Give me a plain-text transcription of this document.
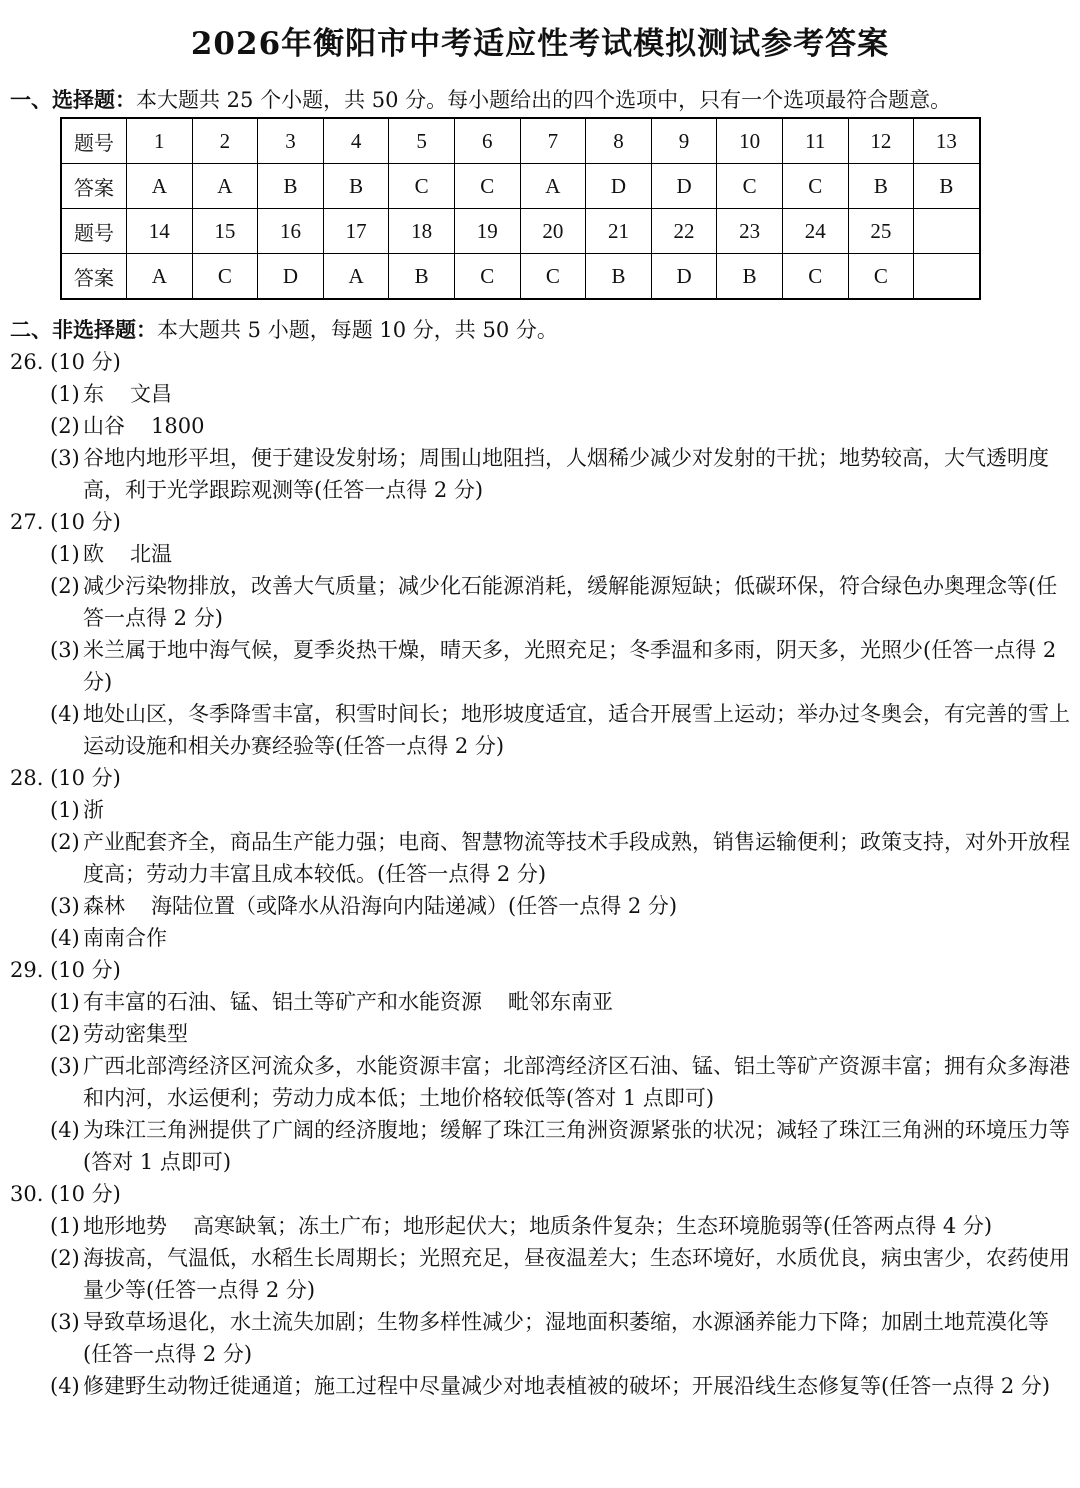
2026年衡阳市中考适应性考试模拟测试参考答案
一、选择题：本大题共 25 个小题，共 50 分。每小题给出的四个选项中，只有一个选项最符合题意。
题号	1	2	3	4	5	6	7	8	9	10	11	12	13
答案	A	A	B	B	C	C	A	D	D	C	C	B	B
题号	14	15	16	17	18	19	20	21	22	23	24	25	
答案	A	C	D	A	B	C	C	B	D	B	C	C	
二、非选择题：本大题共 5 小题，每题 10 分，共 50 分。
26. (10 分)
(1) 东 文昌
(2) 山谷 1800
(3) 谷地内地形平坦，便于建设发射场；周围山地阻挡，人烟稀少减少对发射的干扰；地势较高，大气透明度高，利于光学跟踪观测等(任答一点得 2 分)
27. (10 分)
(1) 欧 北温
(2) 减少污染物排放，改善大气质量；减少化石能源消耗，缓解能源短缺；低碳环保，符合绿色办奥理念等(任答一点得 2 分)
(3) 米兰属于地中海气候，夏季炎热干燥，晴天多，光照充足；冬季温和多雨，阴天多，光照少(任答一点得 2 分)
(4) 地处山区，冬季降雪丰富，积雪时间长；地形坡度适宜，适合开展雪上运动；举办过冬奥会，有完善的雪上运动设施和相关办赛经验等(任答一点得 2 分)
28. (10 分)
(1) 浙
(2) 产业配套齐全，商品生产能力强；电商、智慧物流等技术手段成熟，销售运输便利；政策支持，对外开放程度高；劳动力丰富且成本较低。(任答一点得 2 分)
(3) 森林 海陆位置（或降水从沿海向内陆递减）(任答一点得 2 分)
(4) 南南合作
29. (10 分)
(1) 有丰富的石油、锰、铝土等矿产和水能资源 毗邻东南亚
(2) 劳动密集型
(3) 广西北部湾经济区河流众多，水能资源丰富；北部湾经济区石油、锰、铝土等矿产资源丰富；拥有众多海港和内河，水运便利；劳动力成本低；土地价格较低等(答对 1 点即可)
(4) 为珠江三角洲提供了广阔的经济腹地；缓解了珠江三角洲资源紧张的状况；减轻了珠江三角洲的环境压力等(答对 1 点即可)
30. (10 分)
(1) 地形地势 高寒缺氧；冻土广布；地形起伏大；地质条件复杂；生态环境脆弱等(任答两点得 4 分)
(2) 海拔高，气温低，水稻生长周期长；光照充足，昼夜温差大；生态环境好，水质优良，病虫害少，农药使用量少等(任答一点得 2 分)
(3) 导致草场退化，水土流失加剧；生物多样性减少；湿地面积萎缩，水源涵养能力下降；加剧土地荒漠化等(任答一点得 2 分)
(4) 修建野生动物迁徙通道；施工过程中尽量减少对地表植被的破坏；开展沿线生态修复等(任答一点得 2 分)
